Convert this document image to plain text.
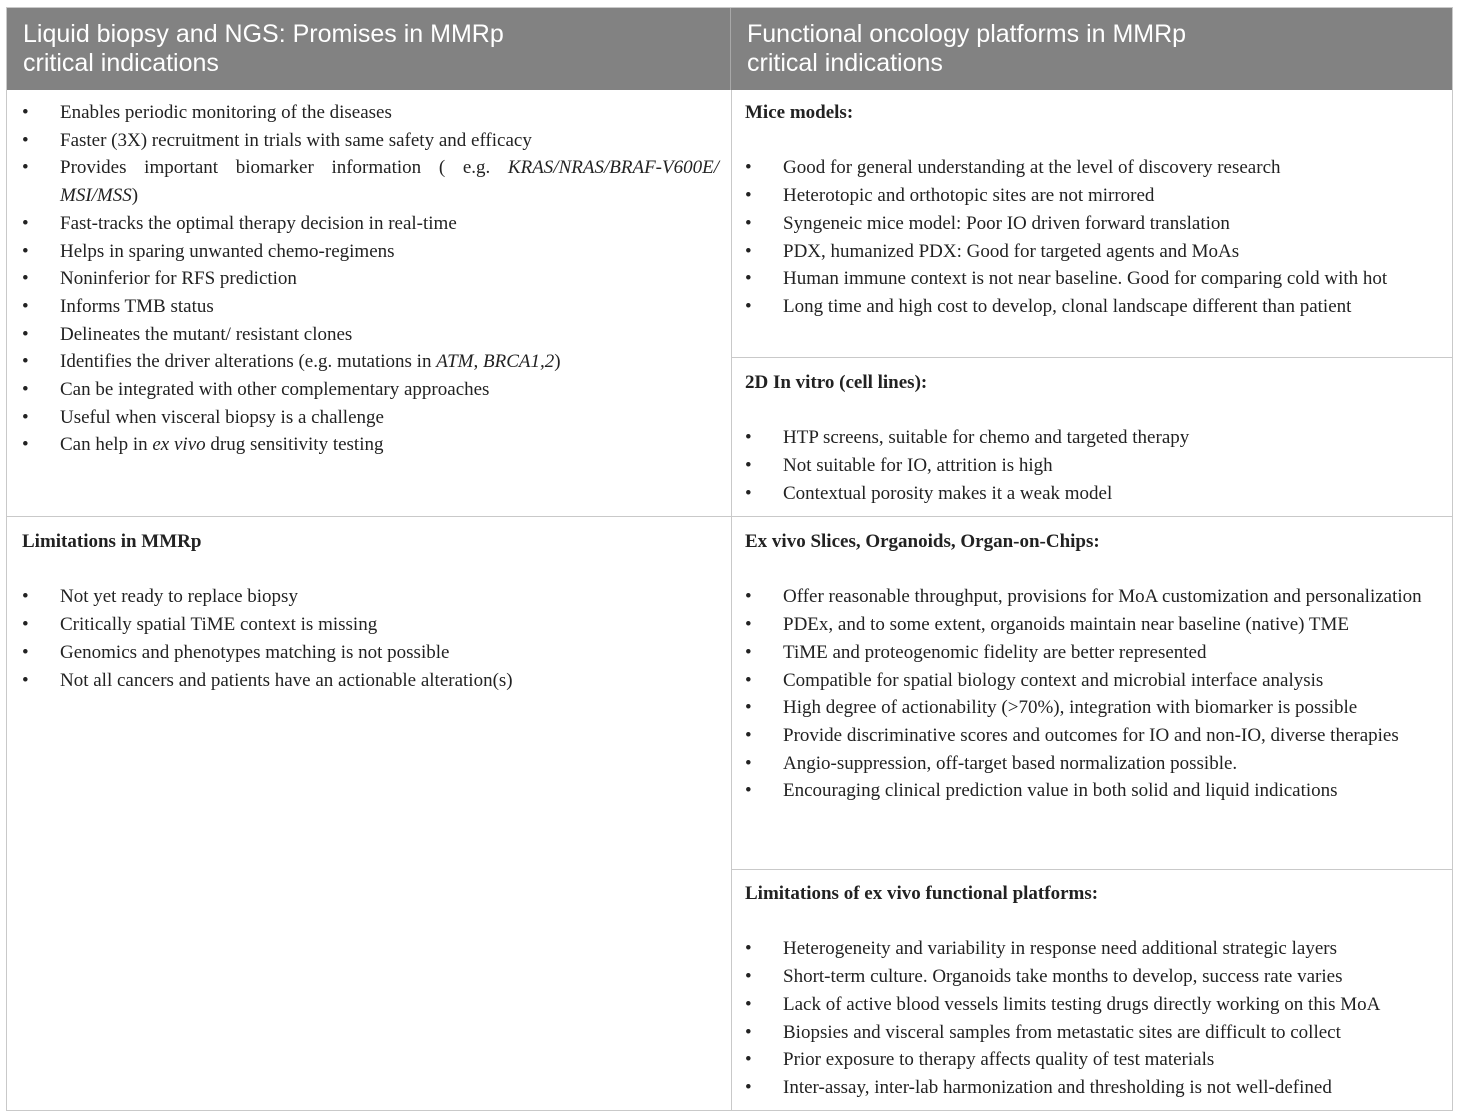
Liquid biopsy and NGS: Promises in MMRp
critical indications
Functional oncology platforms in MMRp
critical indications
• Enables periodic monitoring of the diseases
• Faster (3X) recruitment in trials with same safety and efficacy
• Provides important biomarker information ( e.g. KRAS/NRAS/BRAF-V600E/ MSI/MSS)
• Fast-tracks the optimal therapy decision in real-time
• Helps in sparing unwanted chemo-regimens
• Noninferior for RFS prediction
• Informs TMB status
• Delineates the mutant/ resistant clones
• Identifies the driver alterations (e.g. mutations in ATM, BRCA1,2)
• Can be integrated with other complementary approaches
• Useful when visceral biopsy is a challenge
• Can help in ex vivo drug sensitivity testing

Limitations in MMRp

• Not yet ready to replace biopsy
• Critically spatial TiME context is missing
• Genomics and phenotypes matching is not possible
• Not all cancers and patients have an actionable alteration(s)

Mice models:

• Good for general understanding at the level of discovery research
• Heterotopic and orthotopic sites are not mirrored
• Syngeneic mice model: Poor IO driven forward translation
• PDX, humanized PDX: Good for targeted agents and MoAs
• Human immune context is not near baseline. Good for comparing cold with hot
• Long time and high cost to develop, clonal landscape different than patient

2D In vitro (cell lines):

• HTP screens, suitable for chemo and targeted therapy
• Not suitable for IO, attrition is high
• Contextual porosity makes it a weak model

Ex vivo Slices, Organoids, Organ-on-Chips:

• Offer reasonable throughput, provisions for MoA customization and personalization
• PDEx, and to some extent, organoids maintain near baseline (native) TME
• TiME and proteogenomic fidelity are better represented
• Compatible for spatial biology context and microbial interface analysis
• High degree of actionability (>70%), integration with biomarker is possible
• Provide discriminative scores and outcomes for IO and non-IO, diverse therapies
• Angio-suppression, off-target based normalization possible.
• Encouraging clinical prediction value in both solid and liquid indications

Limitations of ex vivo functional platforms:

• Heterogeneity and variability in response need additional strategic layers
• Short-term culture. Organoids take months to develop, success rate varies
• Lack of active blood vessels limits testing drugs directly working on this MoA
• Biopsies and visceral samples from metastatic sites are difficult to collect
• Prior exposure to therapy affects quality of test materials
• Inter-assay, inter-lab harmonization and thresholding is not well-defined
